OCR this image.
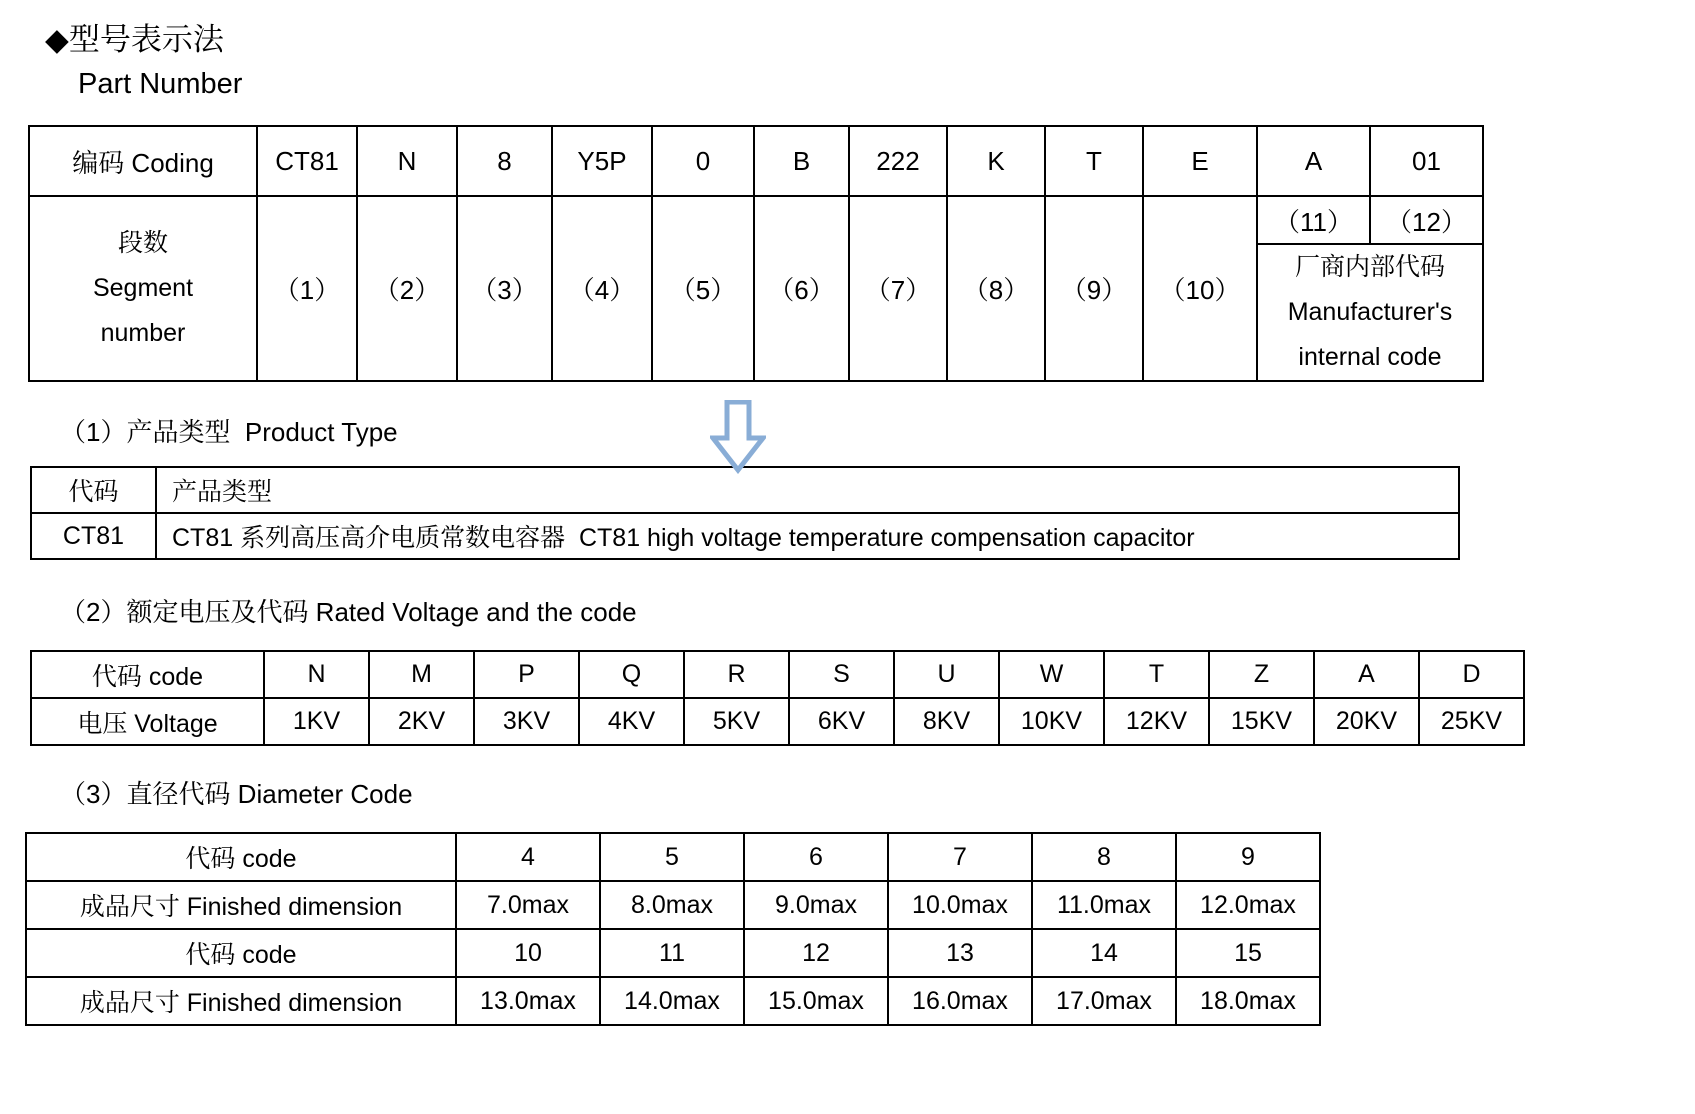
◆型号表示法
Part Number
编码 Coding	CT81	N	8	Y5P	0	B	222	K	T	E	A	01

段数
Segment
number	（1）	（2）	（3）	（4）	（5）	（6）	（7）	（8）	（9）	（10）	（11）	（12）

											厂商内部代码
Manufacturer's
internal code	
（1）产品类型  Product Type
代码	产品类型
CT81	CT81 系列高压高介电质常数电容器  CT81 high voltage temperature compensation capacitor
（2）额定电压及代码 Rated Voltage and the code
代码 code	N	M	P	Q	R	S	U	W	T	Z	A	D
电压 Voltage	1KV	2KV	3KV	4KV	5KV	6KV	8KV	10KV	12KV	15KV	20KV	25KV
（3）直径代码 Diameter Code
代码 code	4	5	6	7	8	9
成品尺寸 Finished dimension	7.0max	8.0max	9.0max	10.0max	11.0max	12.0max
代码 code	10	11	12	13	14	15
成品尺寸 Finished dimension	13.0max	14.0max	15.0max	16.0max	17.0max	18.0max
